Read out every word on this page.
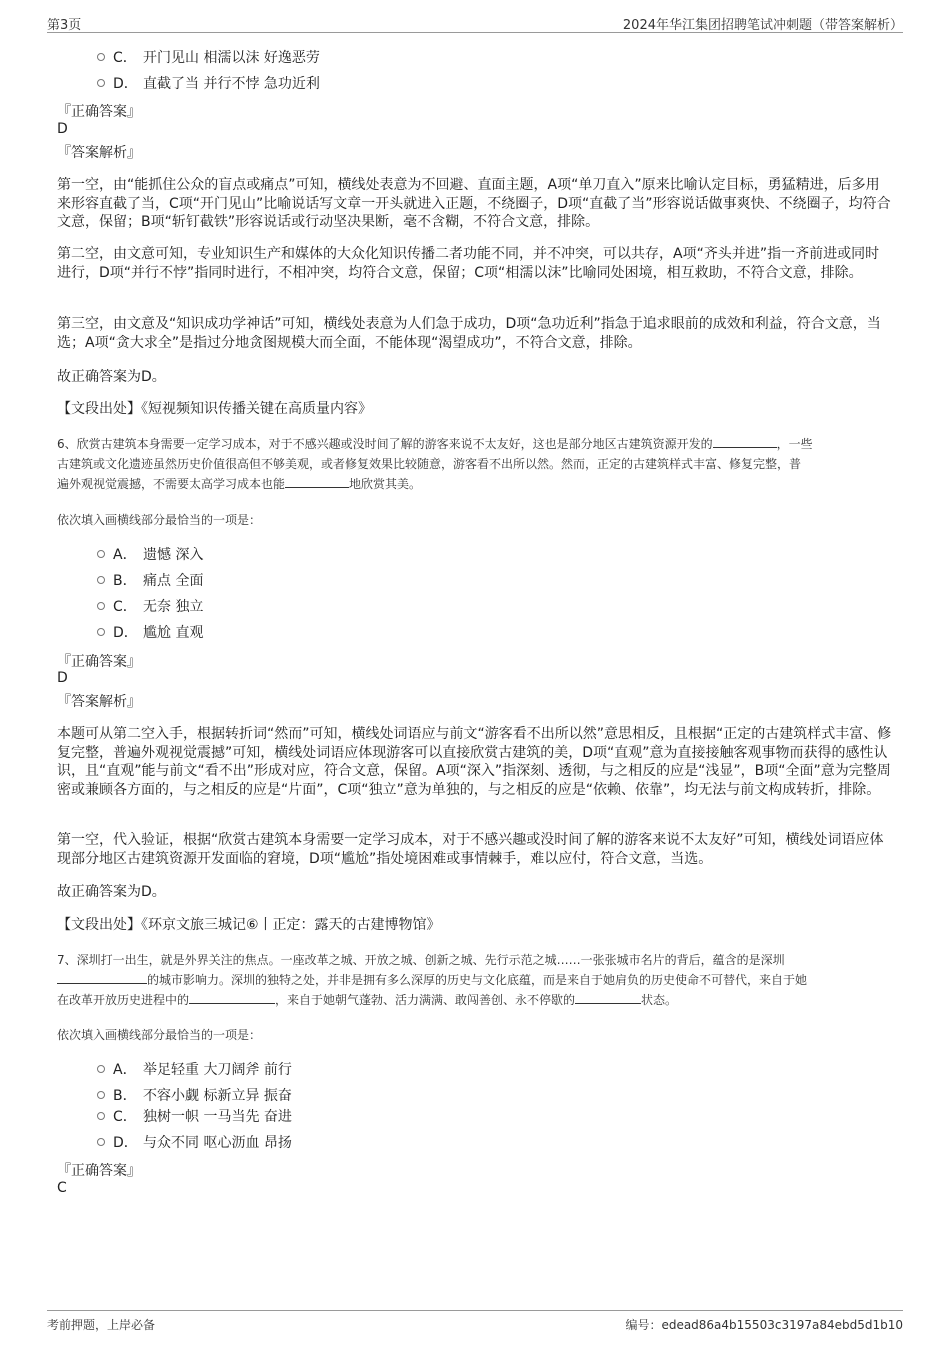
第3页	2024年华江集团招聘笔试冲刺题（带答案解析）
C． 开门见山 相濡以沫 好逸恶劳
D． 直截了当 并行不悖 急功近利
『正确答案』
D
『答案解析』
第一空，由“能抓住公众的盲点或痛点”可知，横线处表意为不回避、直面主题，A项“单刀直入”原来比喻认定目标，勇猛精进，后多用来形容直截了当，C项“开门见山”比喻说话写文章一开头就进入正题，不绕圈子，D项“直截了当”形容说话做事爽快、不绕圈子，均符合文意，保留；B项“斩钉截铁”形容说话或行动坚决果断，毫不含糊，不符合文意，排除。
第二空，由文意可知，专业知识生产和媒体的大众化知识传播二者功能不同，并不冲突，可以共存，A项“齐头并进”指一齐前进或同时进行，D项“并行不悖”指同时进行，不相冲突，均符合文意，保留；C项“相濡以沫”比喻同处困境，相互救助，不符合文意，排除。
第三空，由文意及“知识成功学神话”可知，横线处表意为人们急于成功，D项“急功近利”指急于追求眼前的成效和利益，符合文意，当选；A项“贪大求全”是指过分地贪图规模大而全面，不能体现“渴望成功”，不符合文意，排除。
故正确答案为D。
【文段出处】《短视频知识传播关键在高质量内容》
6、欣赏古建筑本身需要一定学习成本，对于不感兴趣或没时间了解的游客来说不太友好，这也是部分地区古建筑资源开发的	，一些
古建筑或文化遗迹虽然历史价值很高但不够美观，或者修复效果比较随意，游客看不出所以然。然而，正定的古建筑样式丰富、修复完整，普
遍外观视觉震撼，不需要太高学习成本也能	地欣赏其美。
依次填入画横线部分最恰当的一项是：
A． 遗憾 深入
B． 痛点 全面
C． 无奈 独立
D． 尴尬 直观
『正确答案』
D
『答案解析』
本题可从第二空入手，根据转折词“然而”可知，横线处词语应与前文“游客看不出所以然”意思相反，且根据“正定的古建筑样式丰富、修复完整，普遍外观视觉震撼”可知，横线处词语应体现游客可以直接欣赏古建筑的美，D项“直观”意为直接接触客观事物而获得的感性认识，且“直观”能与前文“看不出”形成对应，符合文意，保留。A项“深入”指深刻、透彻，与之相反的应是“浅显”，B项“全面”意为完整周密或兼顾各方面的，与之相反的应是“片面”，C项“独立”意为单独的，与之相反的应是“依赖、依靠”，均无法与前文构成转折，排除。
第一空，代入验证，根据“欣赏古建筑本身需要一定学习成本，对于不感兴趣或没时间了解的游客来说不太友好”可知，横线处词语应体现部分地区古建筑资源开发面临的窘境，D项“尴尬”指处境困难或事情棘手，难以应付，符合文意，当选。
故正确答案为D。
【文段出处】《环京文旅三城记⑥丨正定：露天的古建博物馆》
7、深圳打一出生，就是外界关注的焦点。一座改革之城、开放之城、创新之城、先行示范之城……一张张城市名片的背后，蕴含的是深圳
的城市影响力。深圳的独特之处，并非是拥有多么深厚的历史与文化底蕴，而是来自于她肩负的历史使命不可替代，来自于她
在改革开放历史进程中的	，来自于她朝气蓬勃、活力满满、敢闯善创、永不停歇的	状态。
依次填入画横线部分最恰当的一项是：
A． 举足轻重 大刀阔斧 前行
B． 不容小觑 标新立异 振奋
C． 独树一帜 一马当先 奋进
D． 与众不同 呕心沥血 昂扬
『正确答案』
C
考前押题，上岸必备	编号：edead86a4b15503c3197a84ebd5d1b10
